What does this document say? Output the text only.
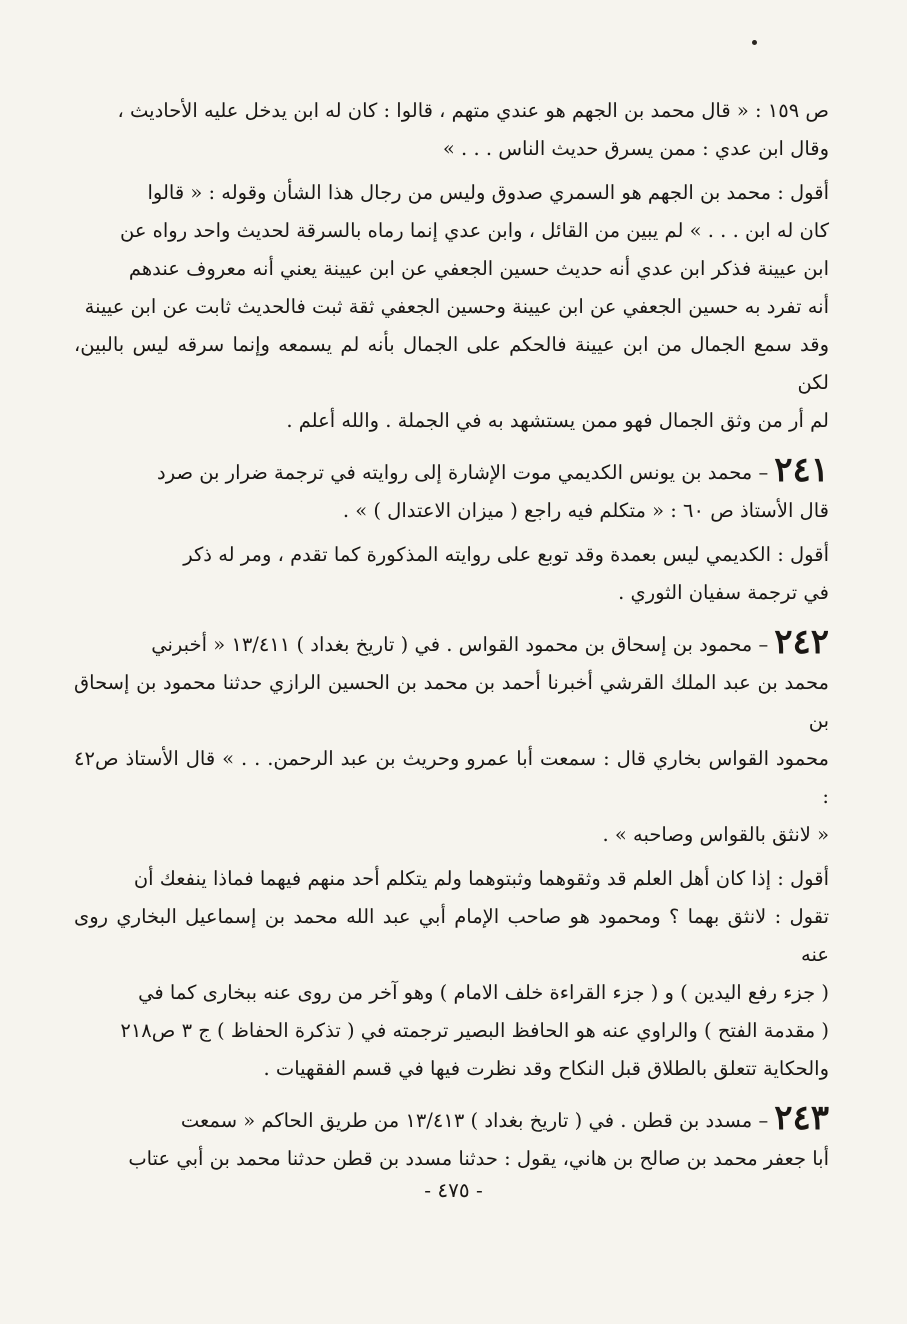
ص ١٥٩ : « قال محمد بن الجهم هو عندي متهم ، قالوا : كان له ابن يدخل عليه الأحاديث ،
وقال ابن عدي : ممن يسرق حديث الناس . . . »

أقول : محمد بن الجهم هو السمري صدوق وليس من رجال هذا الشأن وقوله : « قالوا
كان له ابن . . . » لم يبين من القائل ، وابن عدي إنما رماه بالسرقة لحديث واحد رواه عن
ابن عيينة فذكر ابن عدي أنه حديث حسين الجعفي عن ابن عيينة يعني أنه معروف عندهم
أنه تفرد به حسين الجعفي عن ابن عيينة وحسين الجعفي ثقة ثبت فالحديث ثابت عن ابن عيينة
وقد سمع الجمال من ابن عيينة فالحكم على الجمال بأنه لم يسمعه وإنما سرقه ليس بالبين، لكن
لم أر من وثق الجمال فهو ممن يستشهد به في الجملة . والله أعلم .

٢٤١– محمد بن يونس الكديمي موت الإشارة إلى روايته في ترجمة ضرار بن صرد
قال الأستاذ ص ٦٠ : « متكلم فيه راجع ( ميزان الاعتدال ) » .

أقول : الكديمي ليس بعمدة وقد توبع على روايته المذكورة كما تقدم ، ومر له ذكر
في ترجمة سفيان الثوري .

٢٤٢– محمود بن إسحاق بن محمود القواس . في ( تاريخ بغداد ) ١٣/٤١١ « أخبرني
محمد بن عبد الملك القرشي أخبرنا أحمد بن محمد بن الحسين الرازي حدثنا محمود بن إسحاق بن
محمود القواس بخاري قال : سمعت أبا عمرو وحريث بن عبد الرحمن. . . » قال الأستاذ ص٤٢ :
« لانثق بالقواس وصاحبه » .

أقول : إذا كان أهل العلم قد وثقوهما وثبتوهما ولم يتكلم أحد منهم فيهما فماذا ينفعك أن
تقول : لانثق بهما ؟ ومحمود هو صاحب الإمام أبي عبد الله محمد بن إسماعيل البخاري روى عنه
( جزء رفع اليدين ) و ( جزء القراءة خلف الامام ) وهو آخر من روى عنه ببخارى كما في
( مقدمة الفتح ) والراوي عنه هو الحافظ البصير ترجمته في ( تذكرة الحفاظ ) ج ٣ ص٢١٨
والحكاية تتعلق بالطلاق قبل النكاح وقد نظرت فيها في قسم الفقهيات .

٢٤٣– مسدد بن قطن . في ( تاريخ بغداد ) ١٣/٤١٣ من طريق الحاكم « سمعت
أبا جعفر محمد بن صالح بن هاني، يقول : حدثنا مسدد بن قطن حدثنا محمد بن أبي عتاب

- ٤٧٥ -
